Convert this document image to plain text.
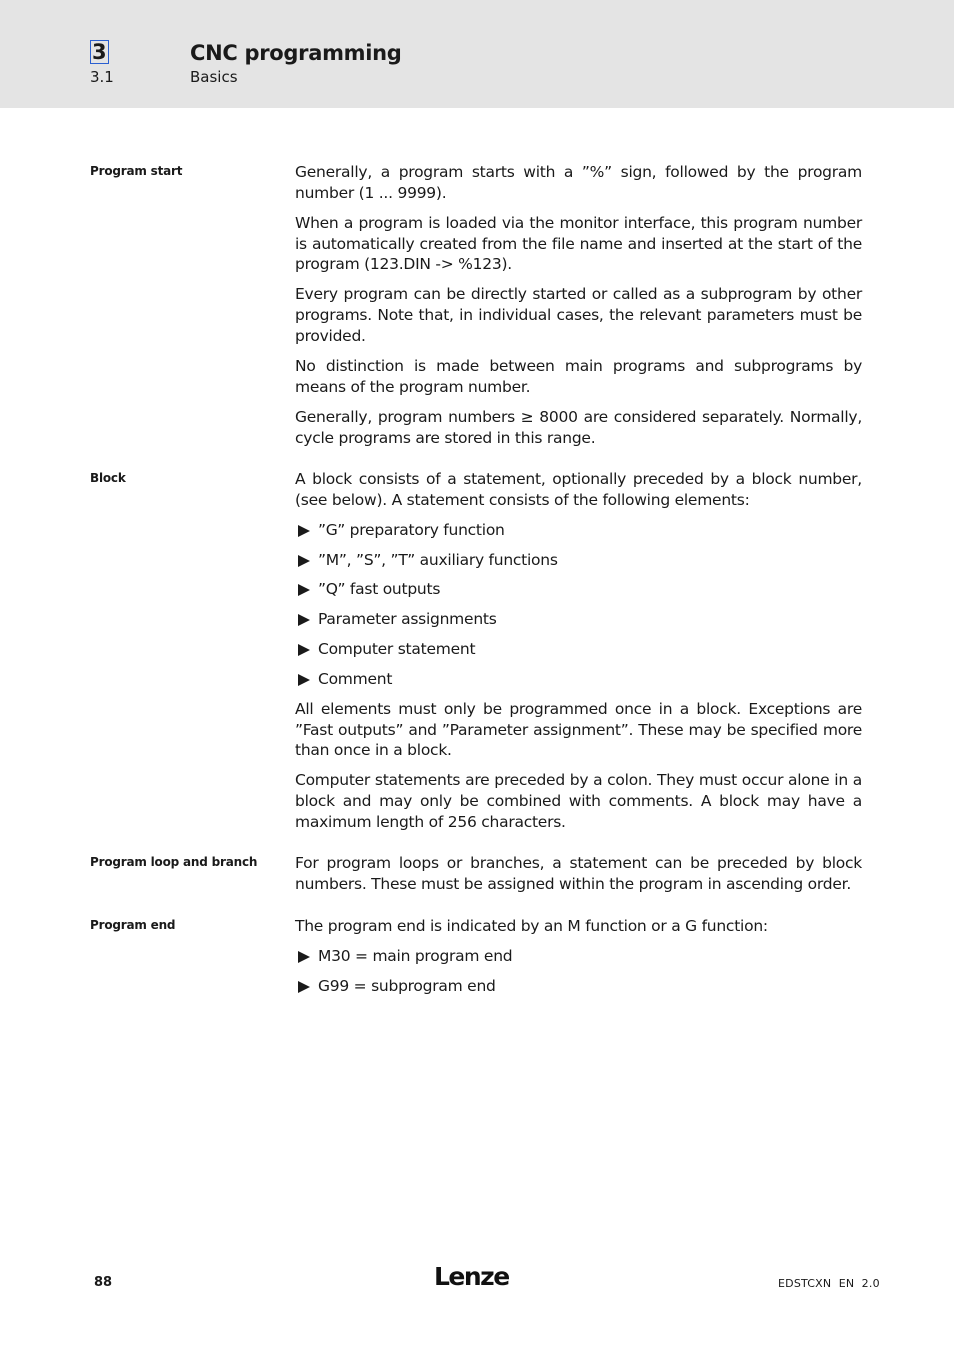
3	CNC programming
3.1	Basics
Program start	Generally, a program starts with a ”%” sign, followed by the program number (1 ... 9999).

When a program is loaded via the monitor interface, this program number is automatically created from the file name and inserted at the start of the program (123.DIN -> %123).

Every program can be directly started or called as a subprogram by other programs. Note that, in individual cases, the relevant parameters must be provided.

No distinction is made between main programs and subprograms by means of the program number.

Generally, program numbers ≥ 8000 are considered separately. Normally, cycle programs are stored in this range.

Block	A block consists of a statement, optionally preceded by a block number, (see below). A statement consists of the following elements:

”G” preparatory function
”M”, ”S”, ”T” auxiliary functions
”Q” fast outputs
Parameter assignments
Computer statement
Comment

All elements must only be programmed once in a block. Exceptions are ”Fast outputs” and ”Parameter assignment”. These may be specified more than once in a block.

Computer statements are preceded by a colon. They must occur alone in a block and may only be combined with comments. A block may have a maximum length of 256 characters.

Program loop and branch	For program loops or branches, a statement can be preceded by block numbers. These must be assigned within the program in ascending order.

Program end	The program end is indicated by an M function or a G function:

M30 = main program end
G99 = subprogram end
88	Lenze	EDSTCXN  EN  2.0
